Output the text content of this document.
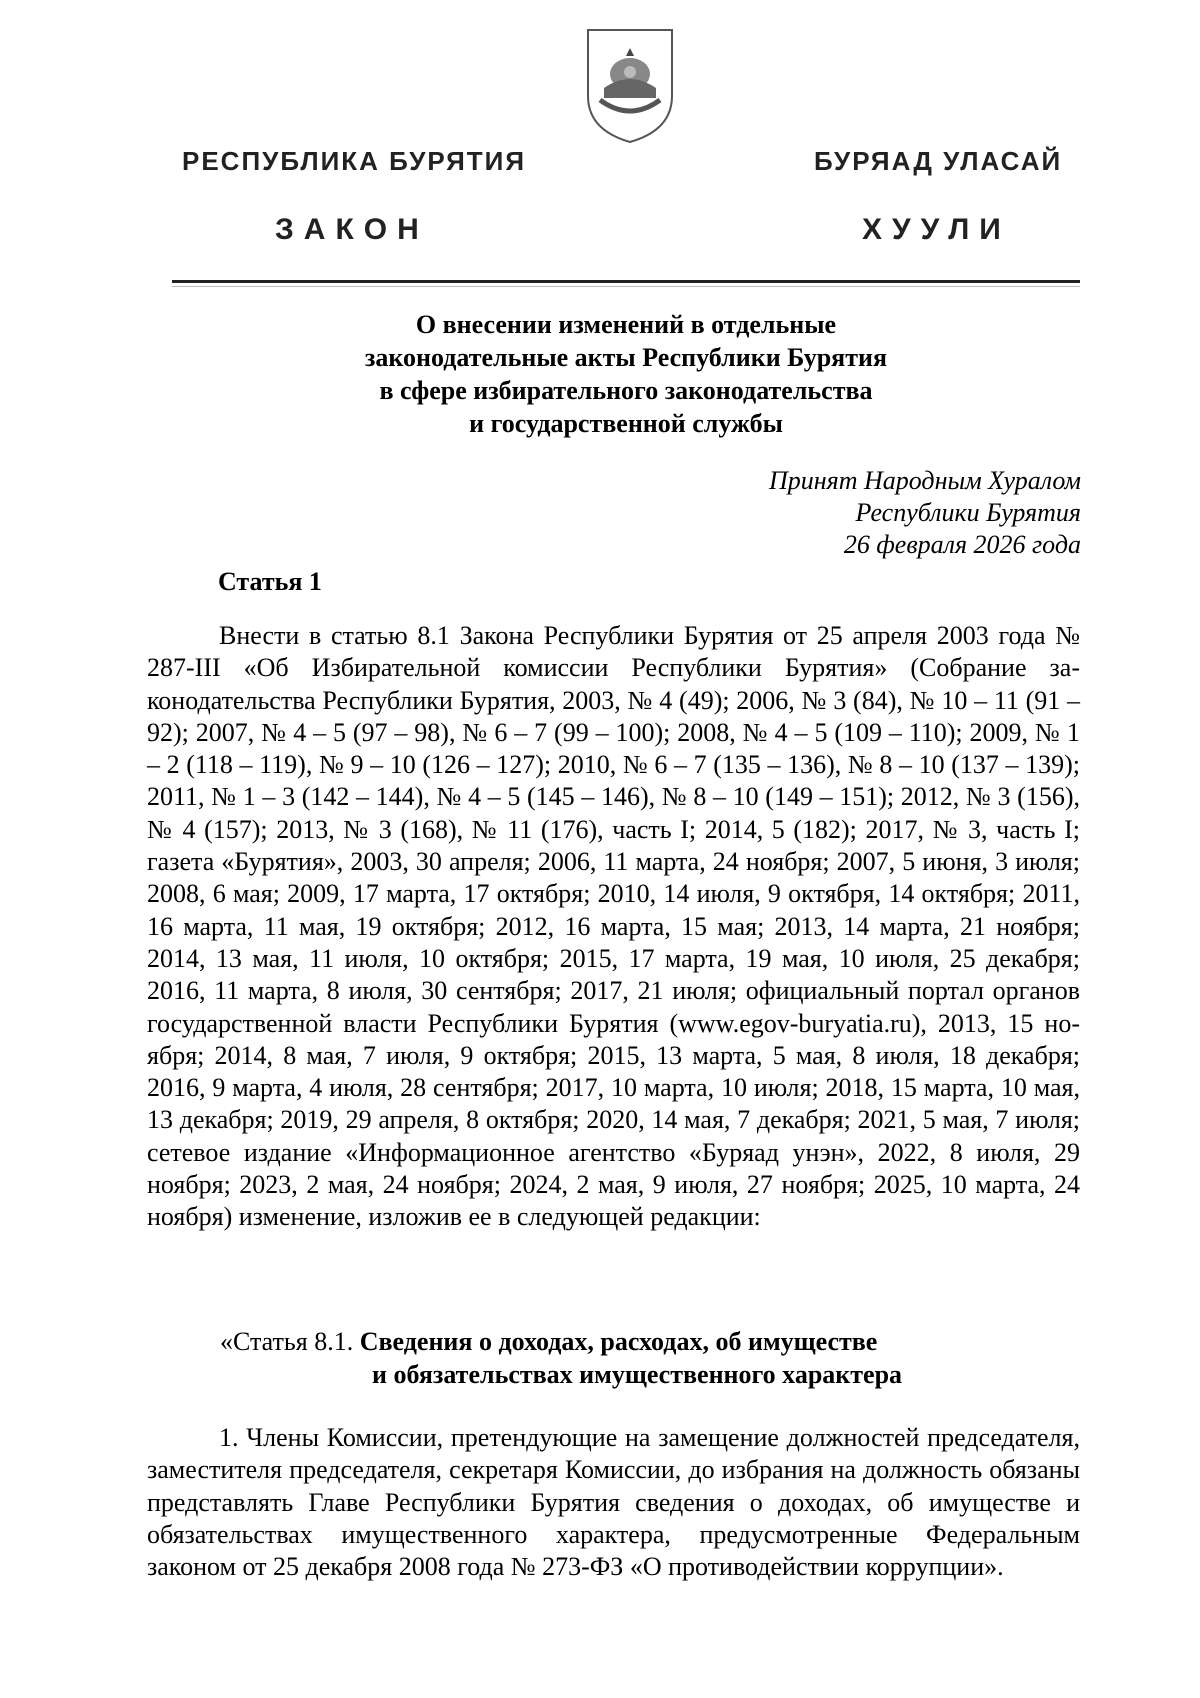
РЕСПУБЛИКА БУРЯТИЯ	БУРЯАД УЛАСАЙ
ЗАКОН	ХУУЛИ
О внесении изменений в отдельные
законодательные акты Республики Бурятия
в сфере избирательного законодательства
и государственной службы
Принят Народным Хуралом
Республики Бурятия
26 февраля 2026 года
Статья 1

Внести в статью 8.1 Закона Республики Бурятия от 25 апреля 2003 года № 287-III «Об Избирательной комиссии Республики Бурятия» (Собрание законодательства Республики Бурятия, 2003, № 4 (49); 2006, № 3 (84), № 10 – 11 (91 – 92); 2007, № 4 – 5 (97 – 98), № 6 – 7 (99 – 100); 2008, № 4 – 5 (109 – 110); 2009, № 1 – 2 (118 – 119), № 9 – 10 (126 – 127); 2010, № 6 – 7 (135 – 136), № 8 – 10 (137 – 139); 2011, № 1 – 3 (142 – 144), № 4 – 5 (145 – 146), № 8 – 10 (149 – 151); 2012, № 3 (156), № 4 (157); 2013, № 3 (168), № 11 (176), часть I; 2014, 5 (182); 2017, № 3, часть I; газета «Бурятия», 2003, 30 апреля; 2006, 11 марта, 24 ноября; 2007, 5 июня, 3 июля; 2008, 6 мая; 2009, 17 марта, 17 октября; 2010, 14 июля, 9 октября, 14 октября; 2011, 16 марта, 11 мая, 19 октября; 2012, 16 марта, 15 мая; 2013, 14 марта, 21 ноября; 2014, 13 мая, 11 июля, 10 октября; 2015, 17 марта, 19 мая, 10 июля, 25 декабря; 2016, 11 марта, 8 июля, 30 сентября; 2017, 21 июля; официальный портал органов государственной власти Республики Бурятия (www.egov-buryatia.ru), 2013, 15 ноября; 2014, 8 мая, 7 июля, 9 октября; 2015, 13 марта, 5 мая, 8 июля, 18 декабря; 2016, 9 марта, 4 июля, 28 сентября; 2017, 10 марта, 10 июля; 2018, 15 марта, 10 мая, 13 декабря; 2019, 29 апреля, 8 октября; 2020, 14 мая, 7 декабря; 2021, 5 мая, 7 июля; сетевое издание «Информационное агентство «Буряад унэн», 2022, 8 июля, 29 ноября; 2023, 2 мая, 24 ноября; 2024, 2 мая, 9 июля, 27 ноября; 2025, 10 марта, 24 ноября) изменение, изложив ее в следующей редакции:

«Статья 8.1. Сведения о доходах, расходах, об имуществе
и обязательствах имущественного характера

1. Члены Комиссии, претендующие на замещение должностей председателя, заместителя председателя, секретаря Комиссии, до избрания на должность обязаны представлять Главе Республики Бурятия сведения о доходах, об имуществе и обязательствах имущественного характера, предусмотренные Федеральным законом от 25 декабря 2008 года № 273-ФЗ «О противодействии коррупции».
